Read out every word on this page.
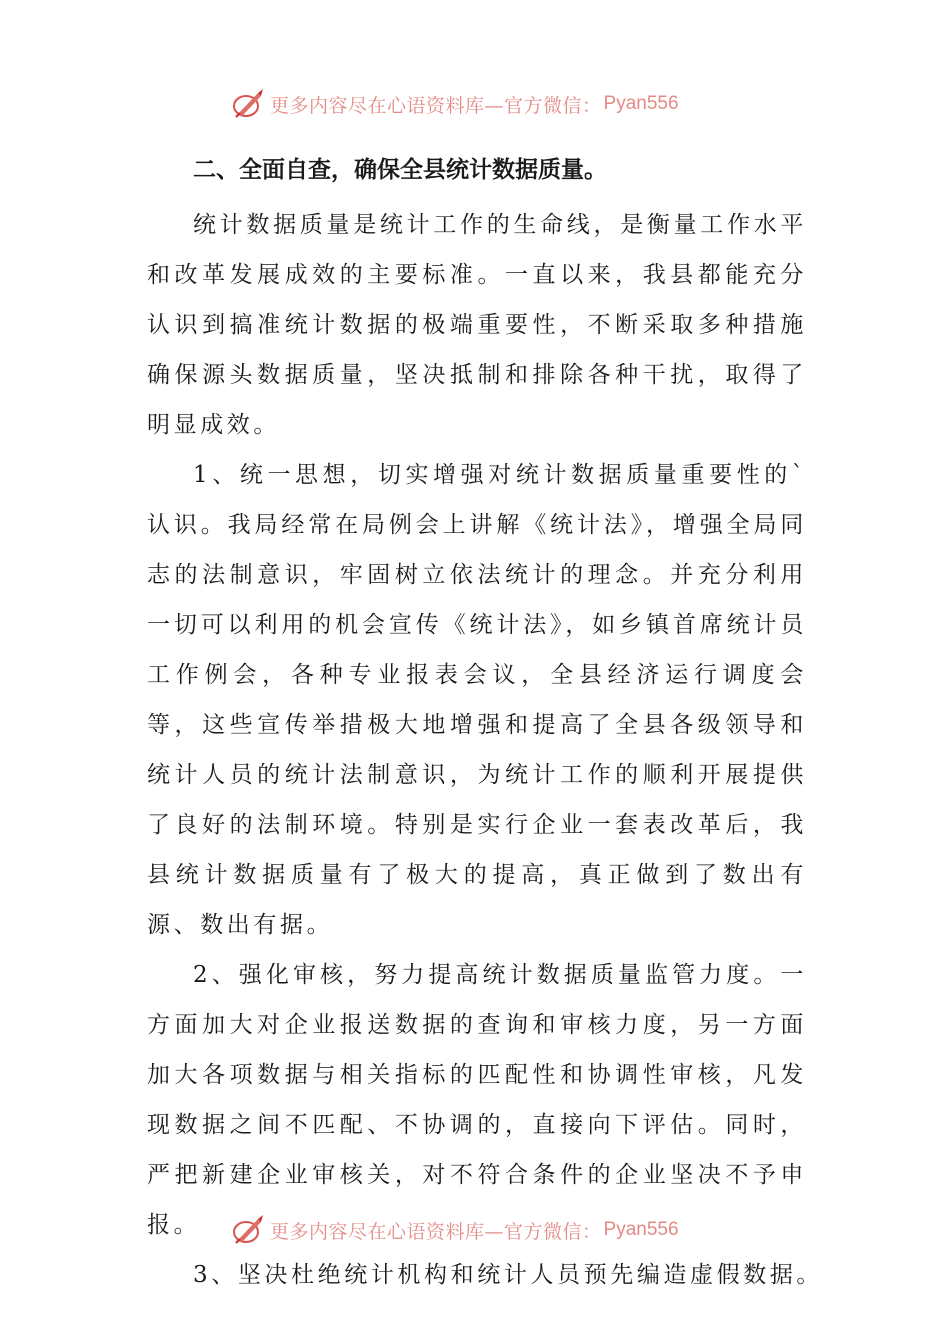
更多内容尽在心语资料库—官方微信： Pyan556

二、全面自查，确保全县统计数据质量。

统计数据质量是统计工作的生命线，是衡量工作水平和改革发展成效的主要标准。一直以来，我县都能充分认识到搞准统计数据的极端重要性，不断采取多种措施确保源头数据质量，坚决抵制和排除各种干扰，取得了明显成效。

1、统一思想，切实增强对统计数据质量重要性的`认识。我局经常在局例会上讲解《统计法》，增强全局同志的法制意识，牢固树立依法统计的理念。并充分利用一切可以利用的机会宣传《统计法》，如乡镇首席统计员工作例会，各种专业报表会议，全县经济运行调度会等，这些宣传举措极大地增强和提高了全县各级领导和统计人员的统计法制意识，为统计工作的顺利开展提供了良好的法制环境。特别是实行企业一套表改革后，我县统计数据质量有了极大的提高，真正做到了数出有源、数出有据。

2、强化审核，努力提高统计数据质量监管力度。一方面加大对企业报送数据的查询和审核力度，另一方面加大各项数据与相关指标的匹配性和协调性审核，凡发现数据之间不匹配、不协调的，直接向下评估。同时，严把新建企业审核关，对不符合条件的企业坚决不予申报。

3、坚决杜绝统计机构和统计人员预先编造虚假数据。

更多内容尽在心语资料库—官方微信： Pyan556
